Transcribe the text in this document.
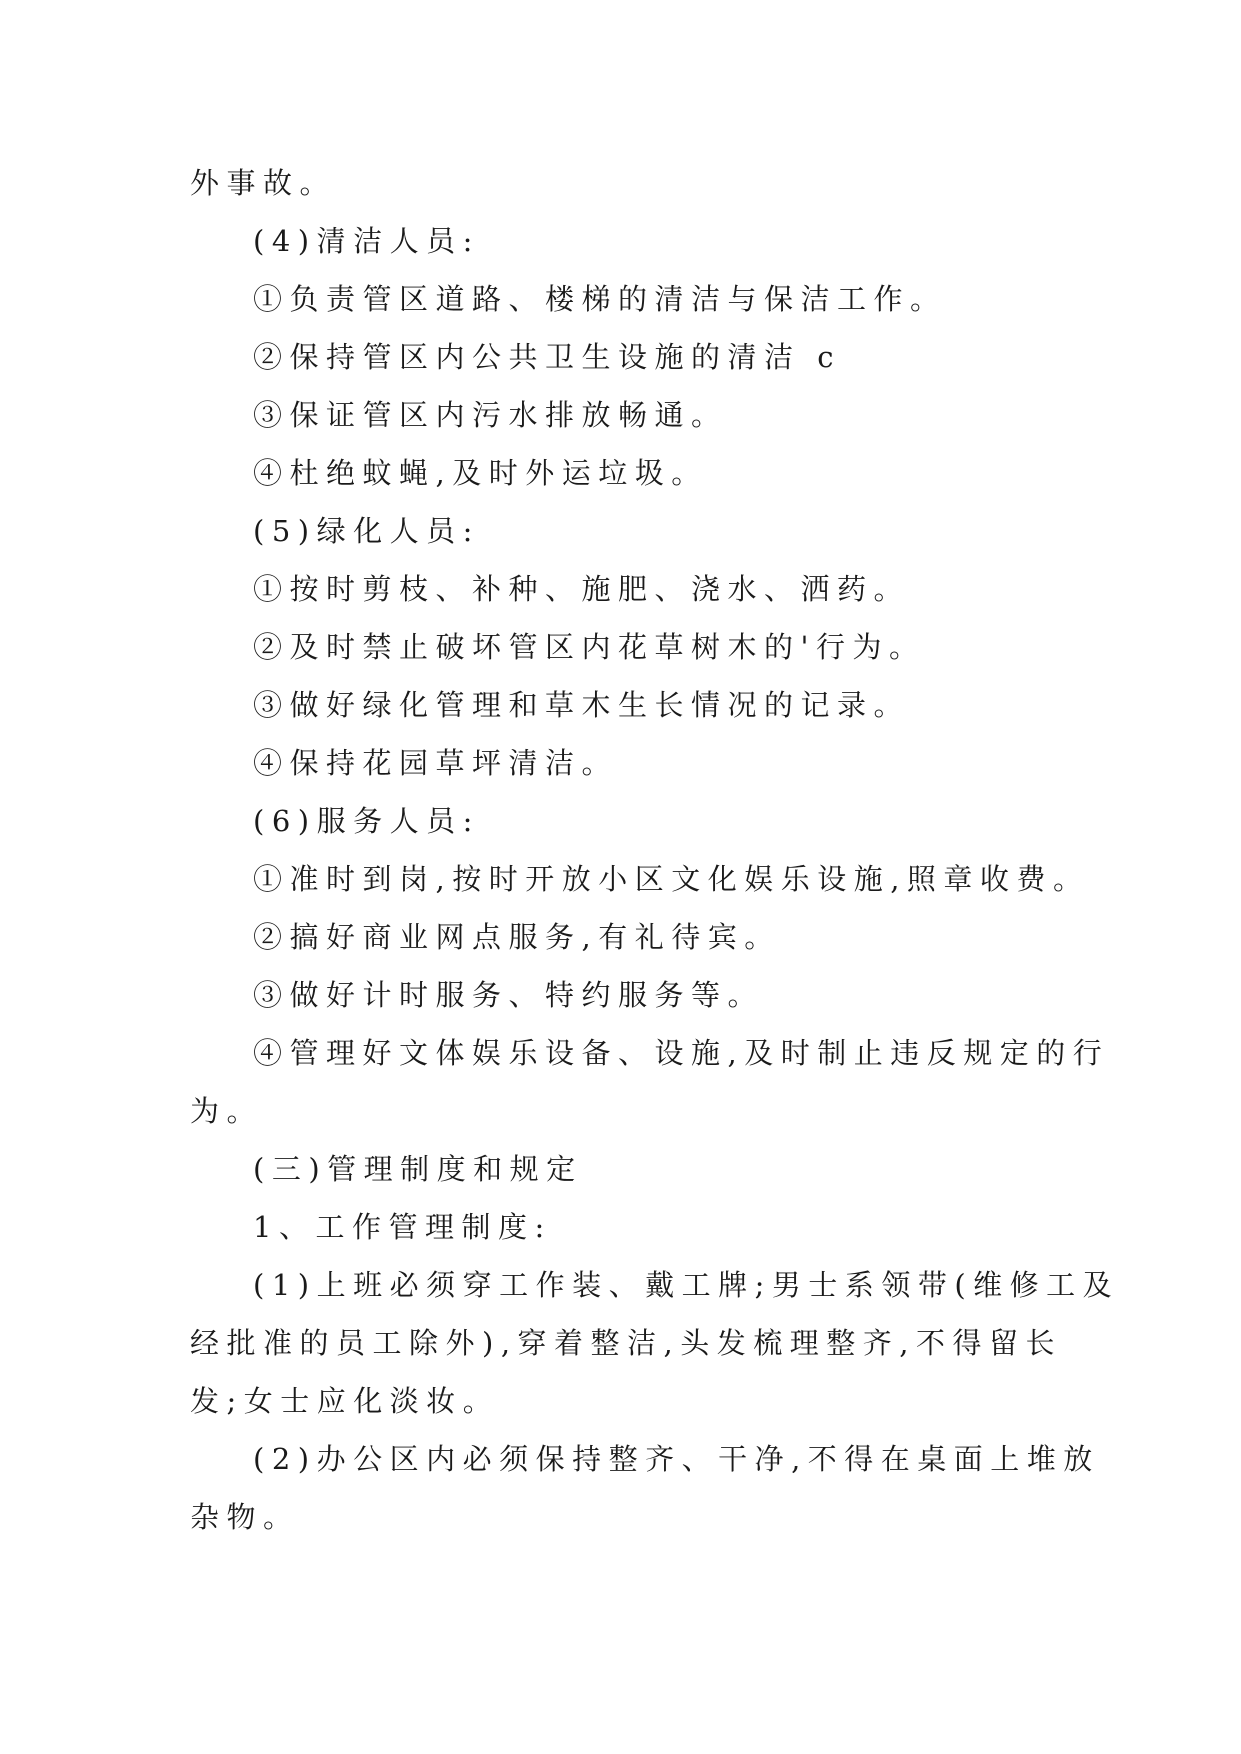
外事故。
(4)清洁人员:
①负责管区道路、楼梯的清洁与保洁工作。
②保持管区内公共卫生设施的清洁 c
③保证管区内污水排放畅通。
④杜绝蚊蝇,及时外运垃圾。
(5)绿化人员:
①按时剪枝、补种、施肥、浇水、洒药。
②及时禁止破坏管区内花草树木的'行为。
③做好绿化管理和草木生长情况的记录。
④保持花园草坪清洁。
(6)服务人员:
①准时到岗,按时开放小区文化娱乐设施,照章收费。
②搞好商业网点服务,有礼待宾。
③做好计时服务、特约服务等。
④管理好文体娱乐设备、设施,及时制止违反规定的行
为。
(三)管理制度和规定
1、工作管理制度:
(1)上班必须穿工作装、戴工牌;男士系领带(维修工及
经批准的员工除外),穿着整洁,头发梳理整齐,不得留长
发;女士应化淡妆。
(2)办公区内必须保持整齐、干净,不得在桌面上堆放
杂物。
